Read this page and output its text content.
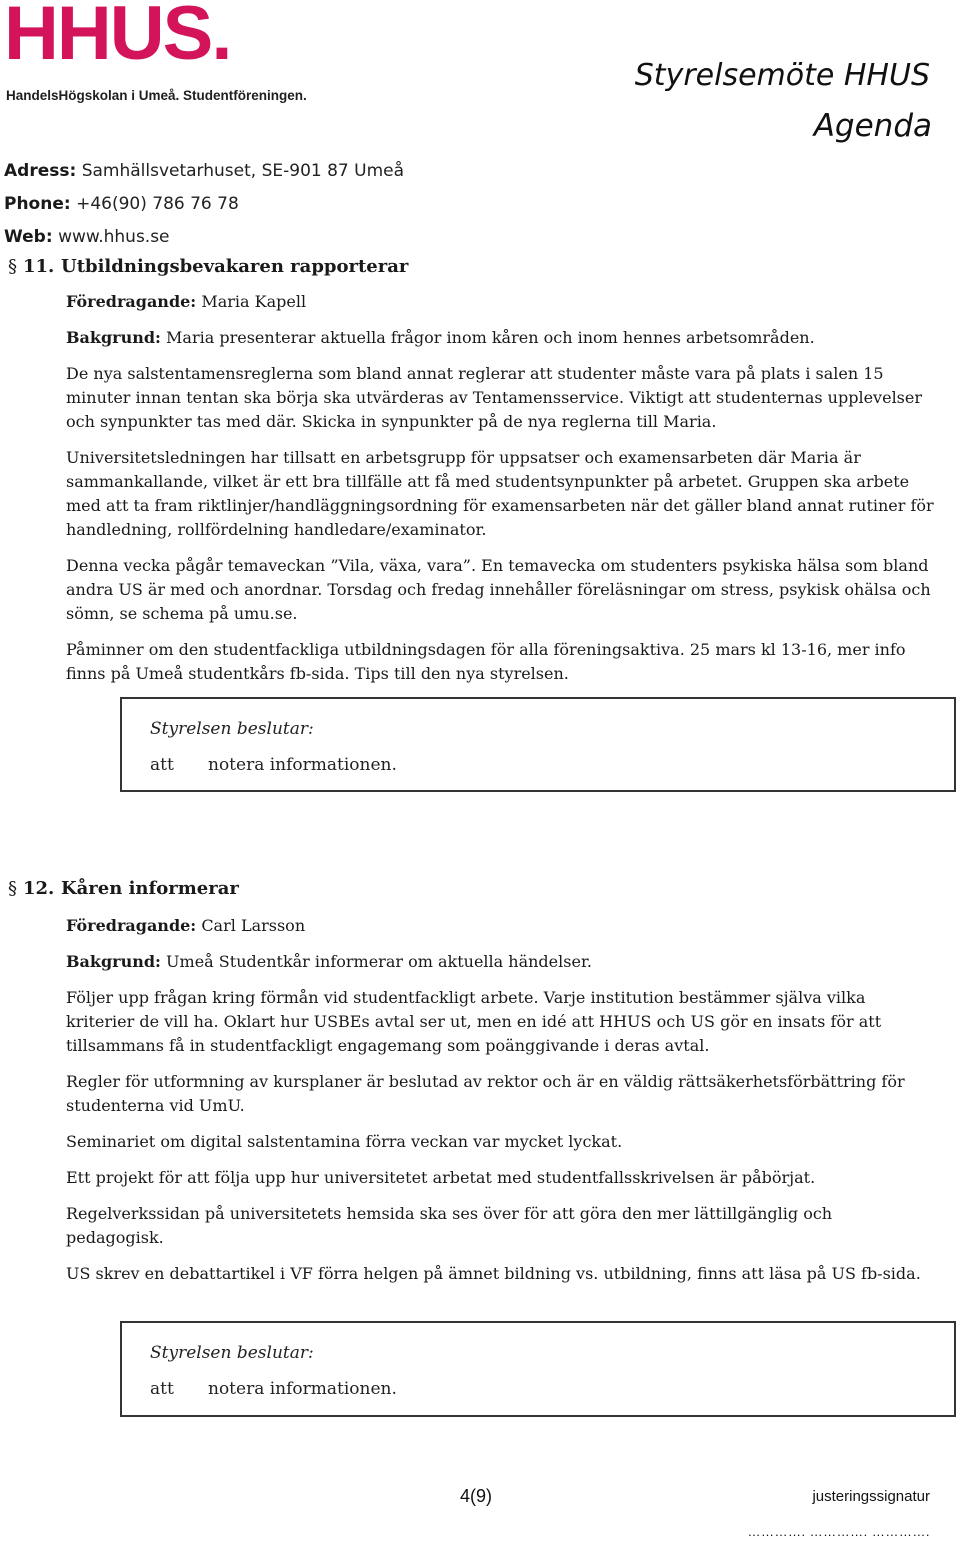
HHUS.
HandelsHögskolan i Umeå. Studentföreningen.
Styrelsemöte HHUS
Agenda
Adress: Samhällsvetarhuset, SE-901 87 Umeå
Phone: +46(90) 786 76 78
Web: www.hhus.se
§ 11. Utbildningsbevakaren rapporterar
Föredragande: Maria Kapell
Bakgrund: Maria presenterar aktuella frågor inom kåren och inom hennes arbetsområden.
De nya salstentamensreglerna som bland annat reglerar att studenter måste vara på plats i salen 15 minuter innan tentan ska börja ska utvärderas av Tentamensservice. Viktigt att studenternas upplevelser och synpunkter tas med där. Skicka in synpunkter på de nya reglerna till Maria.
Universitetsledningen har tillsatt en arbetsgrupp för uppsatser och examensarbeten där Maria är sammankallande, vilket är ett bra tillfälle att få med studentsynpunkter på arbetet. Gruppen ska arbete med att ta fram riktlinjer/handläggningsordning för examensarbeten när det gäller bland annat rutiner för handledning, rollfördelning handledare/examinator.
Denna vecka pågår temaveckan ”Vila, växa, vara”. En temavecka om studenters psykiska hälsa som bland andra US är med och anordnar. Torsdag och fredag innehåller föreläsningar om stress, psykisk ohälsa och sömn, se schema på umu.se.
Påminner om den studentfackliga utbildningsdagen för alla föreningsaktiva. 25 mars kl 13-16, mer info finns på Umeå studentkårs fb-sida. Tips till den nya styrelsen.
Styrelsen beslutar:
att notera informationen.
§ 12. Kåren informerar
Föredragande: Carl Larsson
Bakgrund: Umeå Studentkår informerar om aktuella händelser.
Följer upp frågan kring förmån vid studentfackligt arbete. Varje institution bestämmer själva vilka kriterier de vill ha. Oklart hur USBEs avtal ser ut, men en idé att HHUS och US gör en insats för att tillsammans få in studentfackligt engagemang som poänggivande i deras avtal.
Regler för utformning av kursplaner är beslutad av rektor och är en väldig rättsäkerhetsförbättring för studenterna vid UmU.
Seminariet om digital salstentamina förra veckan var mycket lyckat.
Ett projekt för att följa upp hur universitetet arbetat med studentfallsskrivelsen är påbörjat.
Regelverkssidan på universitetets hemsida ska ses över för att göra den mer lättillgänglig och pedagogisk.
US skrev en debattartikel i VF förra helgen på ämnet bildning vs. utbildning, finns att läsa på US fb-sida.
Styrelsen beslutar:
att notera informationen.
4(9)	justeringssignatur
…………. …………. ………….
